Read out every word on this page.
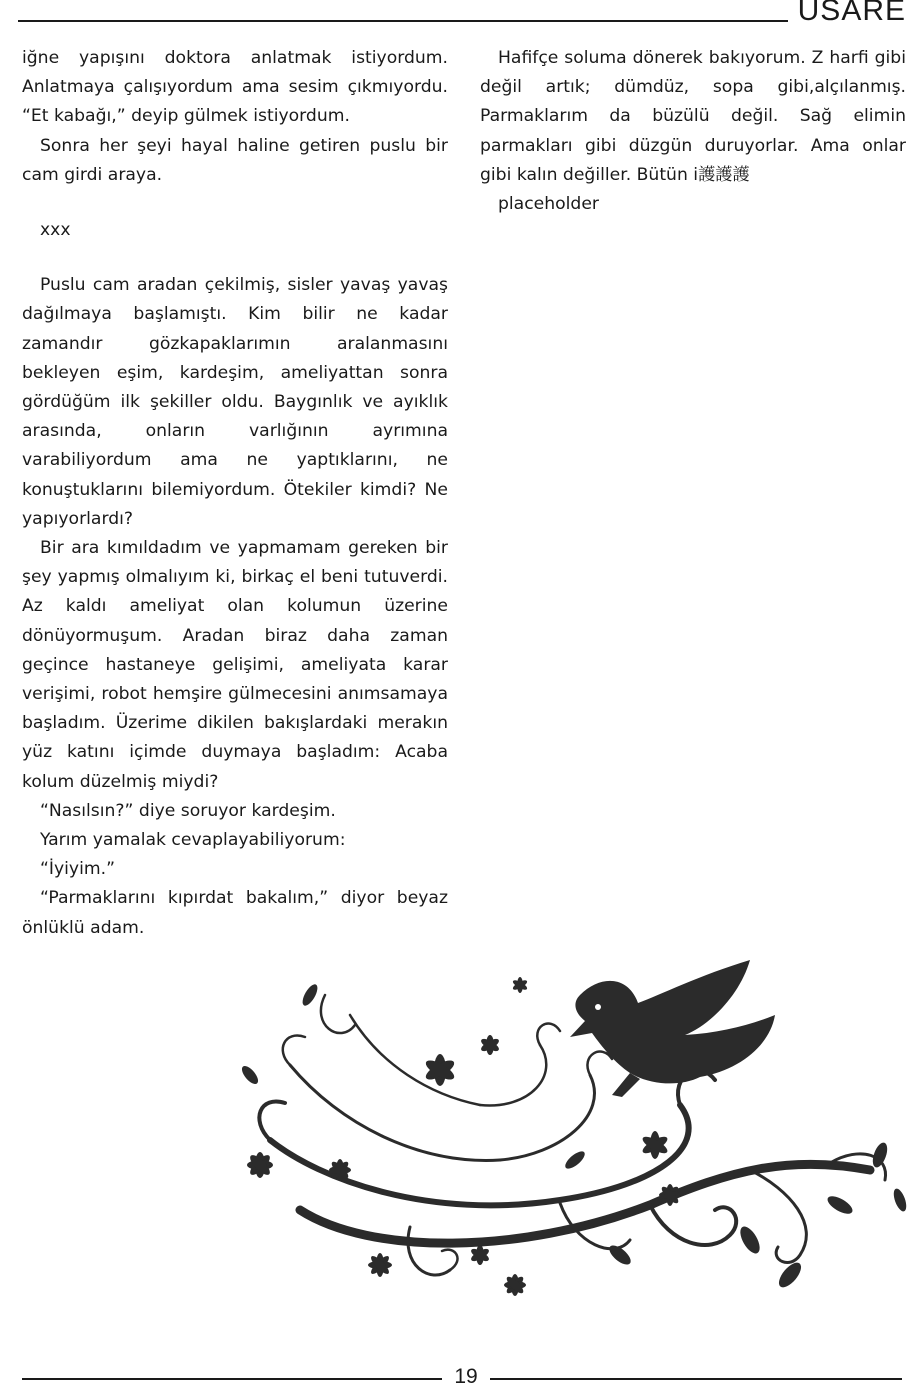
USARE

iğne yapışını doktora anlatmak istiyordum. Anlatmaya çalışıyordum ama sesim çıkmıyordu. “Et kabağı,” deyip gülmek istiyordum.

Sonra her şeyi hayal haline getiren puslu bir cam girdi araya.

xxx

Puslu cam aradan çekilmiş, sisler yavaş yavaş dağılmaya başlamıştı. Kim bilir ne kadar zamandır gözkapaklarımın aralanmasını bekleyen eşim, kardeşim, ameliyattan sonra gördüğüm ilk şekiller oldu. Baygınlık ve ayıklık arasında, onların varlığının ayrımına varabiliyordum ama ne yaptıklarını, ne konuştuklarını bilemiyordum. Ötekiler kimdi? Ne yapıyorlardı?

Bir ara kımıldadım ve yapmamam gereken bir şey yapmış olmalıyım ki, birkaç el beni tutuverdi. Az kaldı ameliyat olan kolumun üzerine dönüyormuşum. Aradan biraz daha zaman geçince hastaneye gelişimi, ameliyata karar verişimi, robot hemşire gülmecesini anımsamaya başladım. Üzerime dikilen bakışlardaki merakın yüz katını içimde duymaya başladım: Acaba kolum düzelmiş miydi?

“Nasılsın?” diye soruyor kardeşim.

Yarım yamalak cevaplayabiliyorum:

“İyiyim.”

“Parmaklarını kıpırdat bakalım,” diyor beyaz önlüklü adam.

Hafifçe soluma dönerek bakıyorum. Z harfi gibi değil artık; dümdüz, sopa gibi,alçılanmış. Parmaklarım da büzülü değil. Sağ elimin parmakları gibi düzgün duruyorlar. Ama onlar gibi kalın değiller. Bütün i護護護

placeholder

19
